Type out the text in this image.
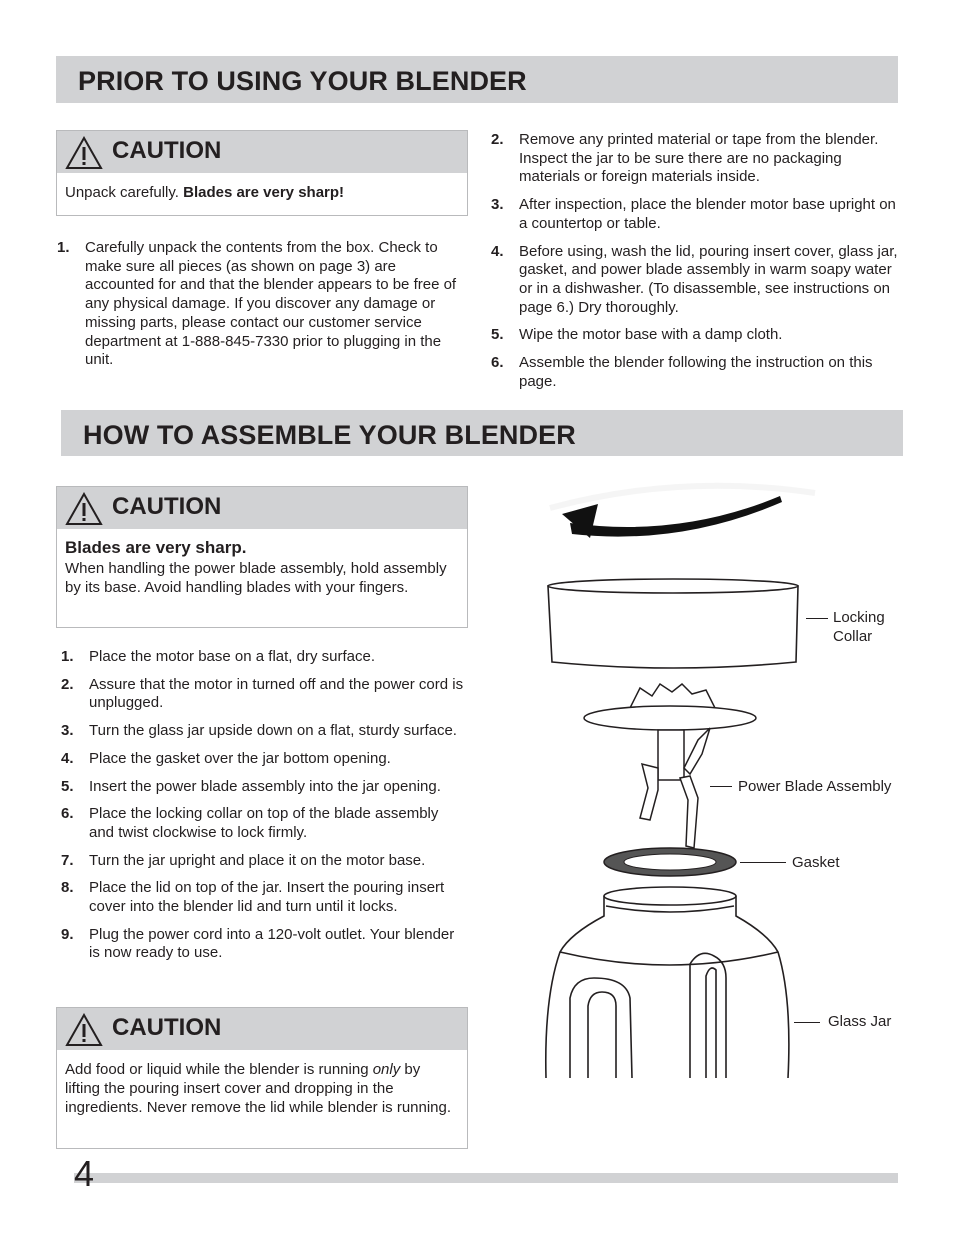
PRIOR TO USING YOUR BLENDER
CAUTION
Unpack carefully. Blades are very sharp!
1. Carefully unpack the contents from the box. Check to make sure all pieces (as shown on page 3) are accounted for and that the blender appears to be free of any physical damage. If you discover any damage or missing parts, please contact our customer service department at 1-888-845-7330 prior to plugging in the unit.
2. Remove any printed material or tape from the blender. Inspect the jar to be sure there are no packaging materials or foreign materials inside.
3. After inspection, place the blender motor base upright on a countertop or table.
4. Before using, wash the lid, pouring insert cover, glass jar, gasket, and power blade assembly in warm soapy water or in a dishwasher. (To disassemble, see instructions on page 6.) Dry thoroughly.
5. Wipe the motor base with a damp cloth.
6. Assemble the blender following the instruction on this page.
HOW TO ASSEMBLE YOUR BLENDER
CAUTION
Blades are very sharp.
When handling the power blade assembly, hold assembly by its base. Avoid handling blades with your fingers.
1. Place the motor base on a flat, dry surface.
2. Assure that the motor in turned off and the power cord is unplugged.
3. Turn the glass jar upside down on a flat, sturdy surface.
4. Place the gasket over the jar bottom opening.
5. Insert the power blade assembly into the jar opening.
6. Place the locking collar on top of the blade assembly and twist clockwise to lock firmly.
7. Turn the jar upright and place it on the motor base.
8. Place the lid on top of the jar. Insert the pouring insert cover into the blender lid and turn until it locks.
9. Plug the power cord into a 120-volt outlet. Your blender is now ready to use.
CAUTION
Add food or liquid while the blender is running only by lifting the pouring insert cover and dropping in the ingredients. Never remove the lid while blender is running.
Locking Collar
Power Blade Assembly
Gasket
Glass Jar
4
